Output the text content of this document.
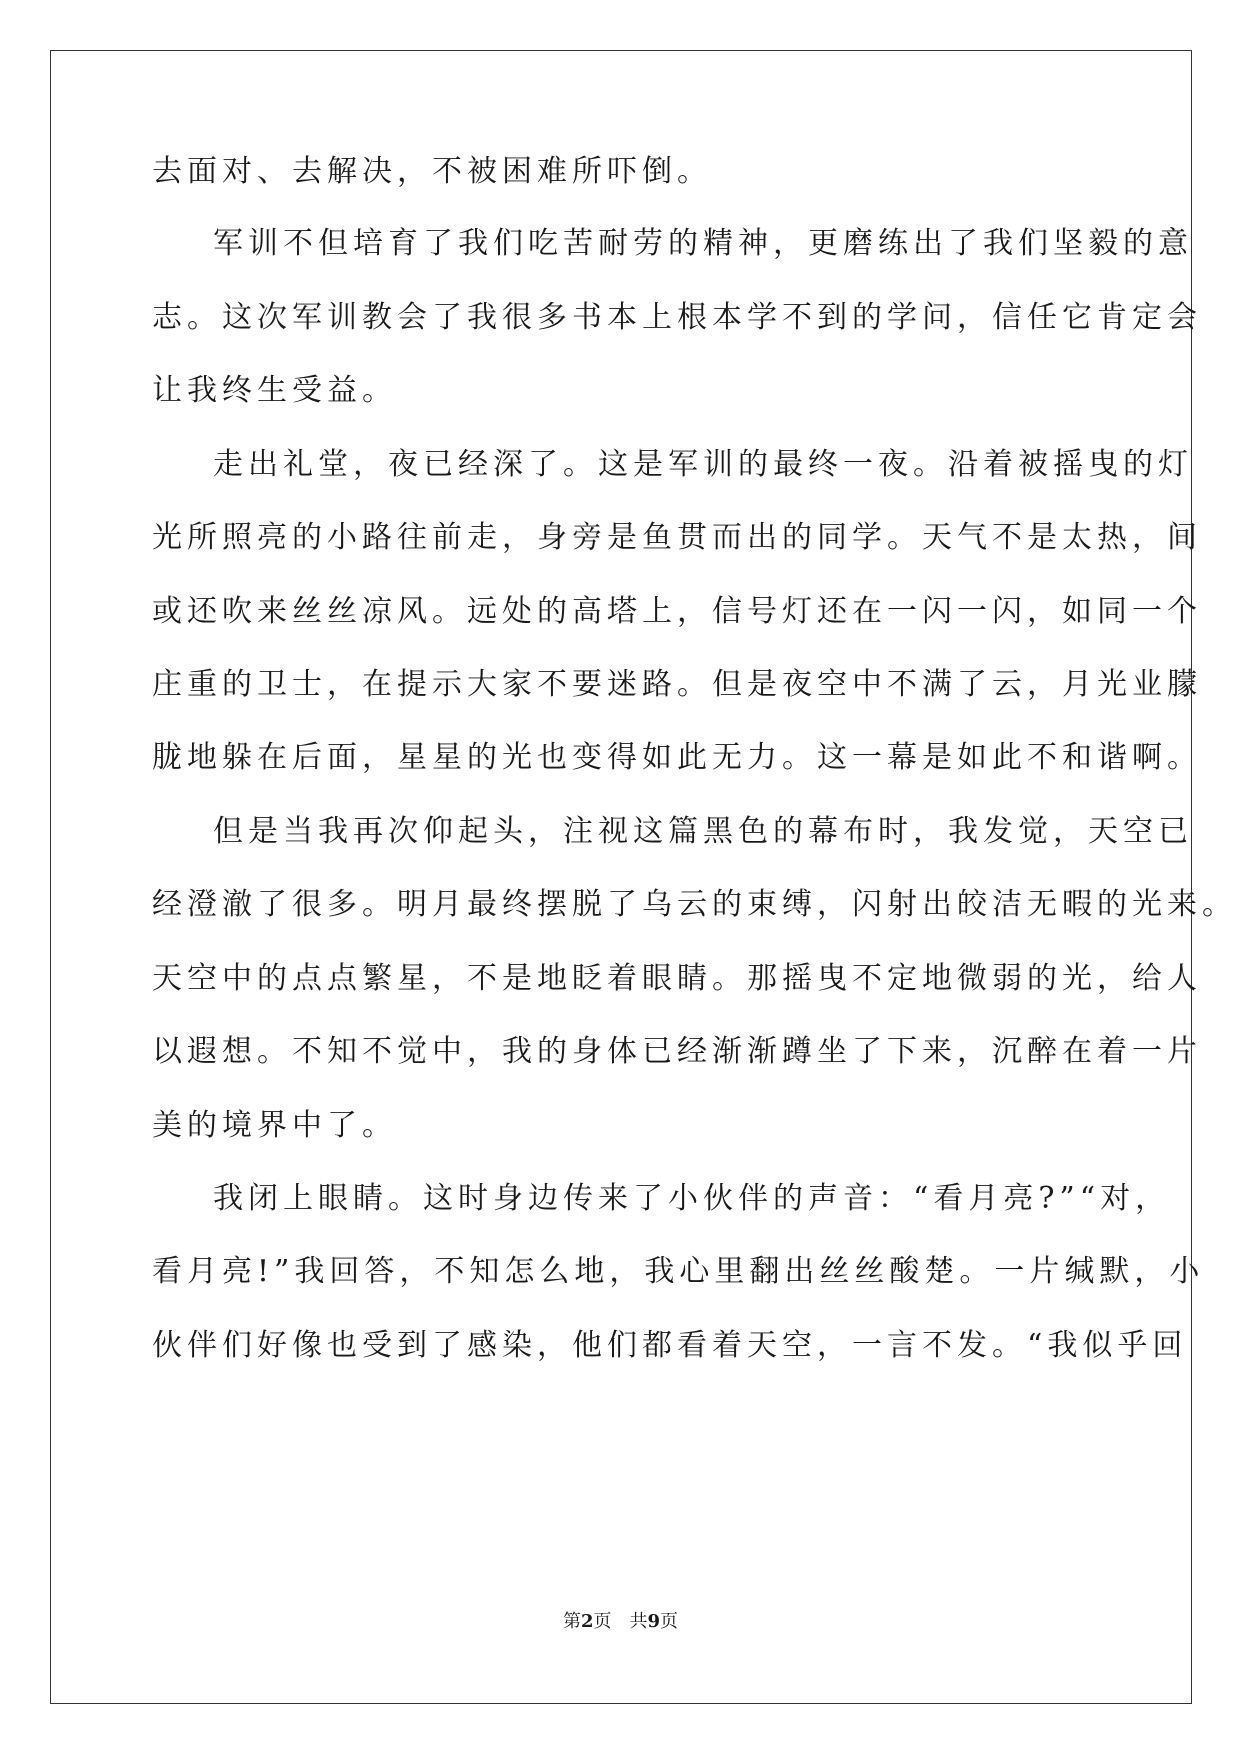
去面对、去解决，不被困难所吓倒。
军训不但培育了我们吃苦耐劳的精神，更磨练出了我们坚毅的意
志。这次军训教会了我很多书本上根本学不到的学问，信任它肯定会
让我终生受益。
走出礼堂，夜已经深了。这是军训的最终一夜。沿着被摇曳的灯
光所照亮的小路往前走，身旁是鱼贯而出的同学。天气不是太热，间
或还吹来丝丝凉风。远处的高塔上，信号灯还在一闪一闪，如同一个
庄重的卫士，在提示大家不要迷路。但是夜空中不满了云，月光业朦
胧地躲在后面，星星的光也变得如此无力。这一幕是如此不和谐啊。
但是当我再次仰起头，注视这篇黑色的幕布时，我发觉，天空已
经澄澈了很多。明月最终摆脱了乌云的束缚，闪射出皎洁无暇的光来。
天空中的点点繁星，不是地眨着眼睛。那摇曳不定地微弱的光，给人
以遐想。不知不觉中，我的身体已经渐渐蹲坐了下来，沉醉在着一片
美的境界中了。
我闭上眼睛。这时身边传来了小伙伴的声音：“看月亮?”“对，
看月亮!”我回答，不知怎么地，我心里翻出丝丝酸楚。一片缄默，小
伙伴们好像也受到了感染，他们都看着天空，一言不发。“我似乎回
第2页 共9页
